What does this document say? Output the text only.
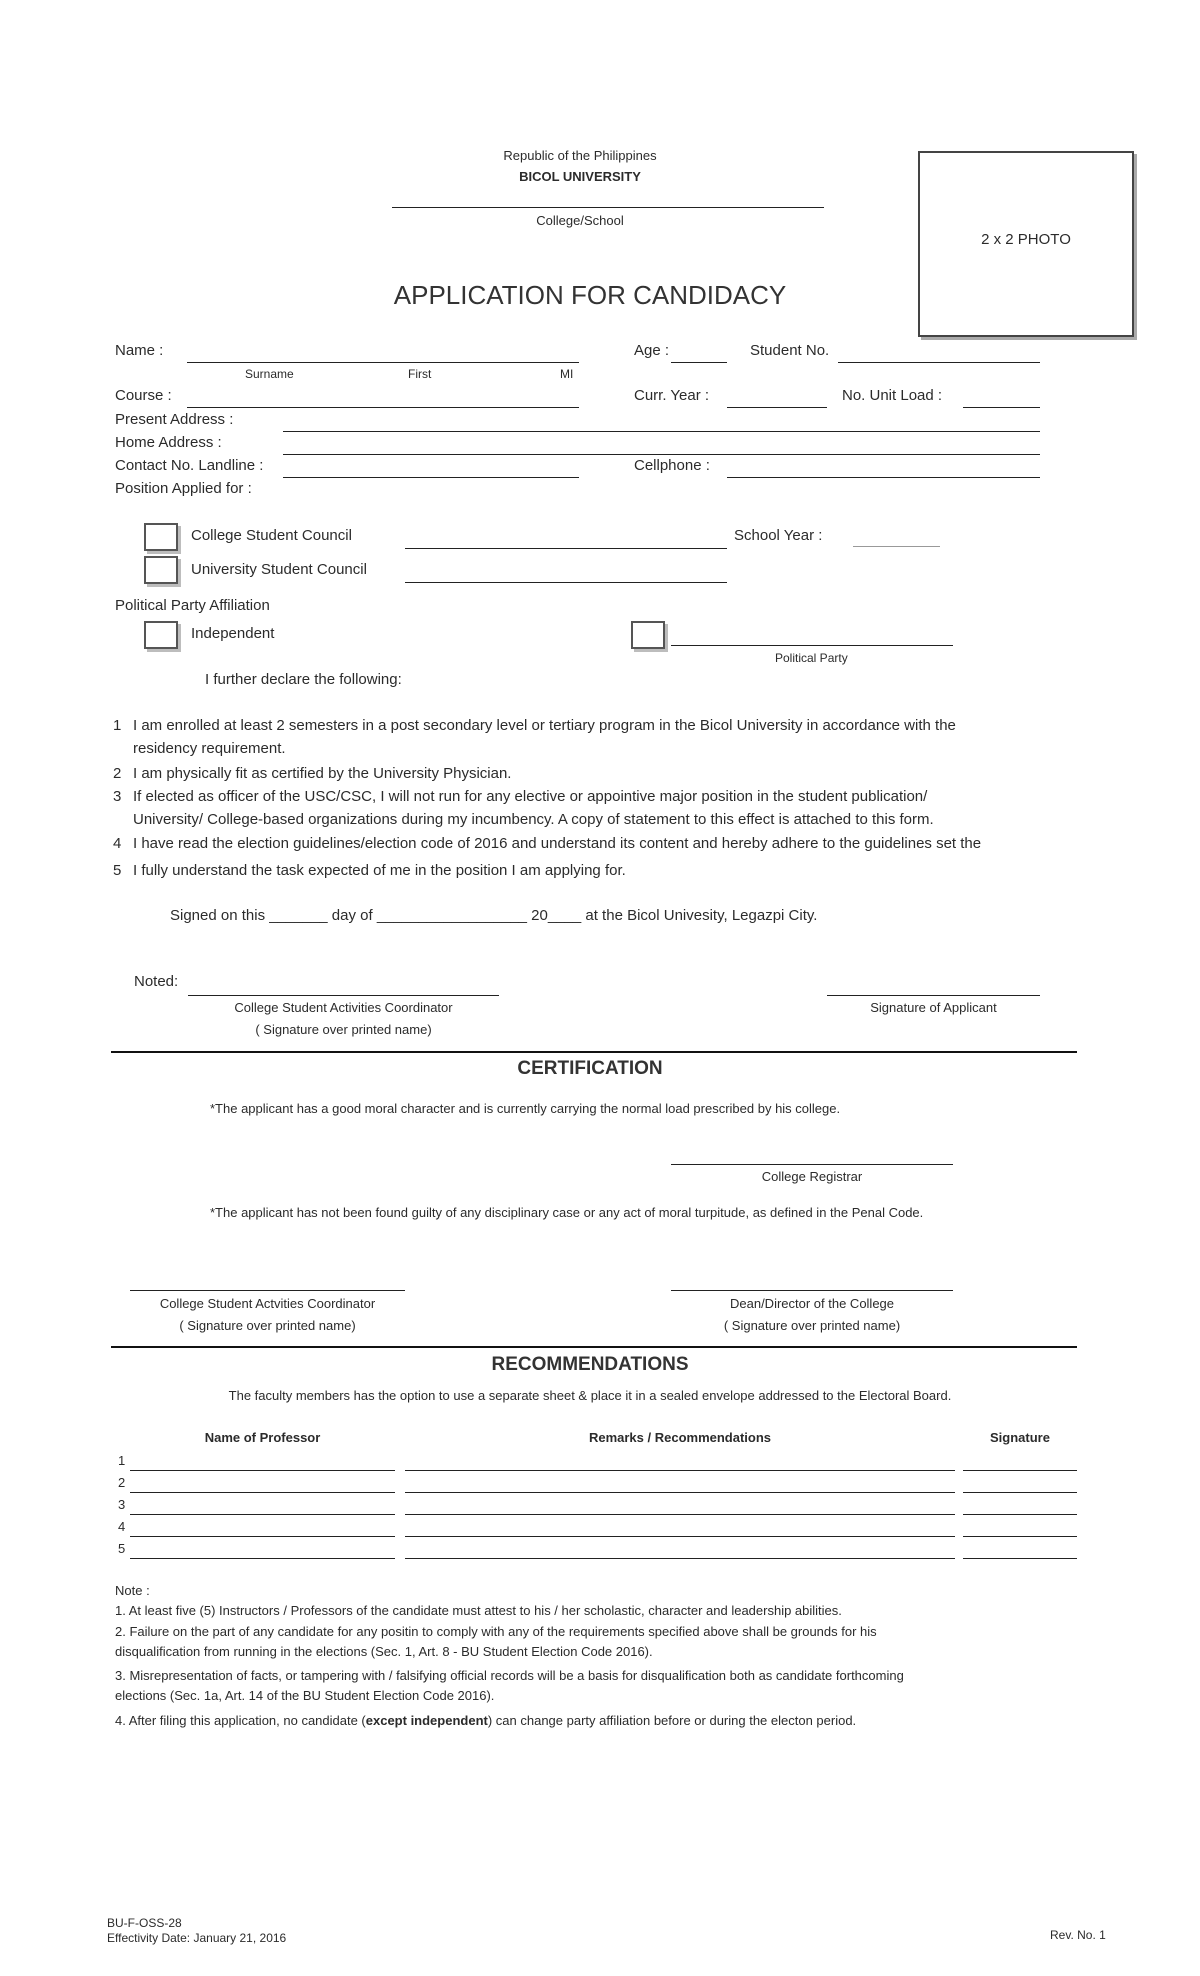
Republic of the Philippines
BICOL UNIVERSITY
College/School
2 x 2 PHOTO
APPLICATION FOR CANDIDACY
Name :
Surname	First	MI
Age :	Student No.
Course :	Curr. Year :	No. Unit Load :
Present Address :
Home Address :
Contact No. Landline :	Cellphone :
Position Applied for :
College Student Council	School Year :
University Student Council
Political Party Affiliation
Independent
Political Party
I further declare the following:
1 I am enrolled at least 2 semesters in a post secondary level or tertiary program in the Bicol University in accordance with the
residency requirement.
2 I am physically fit as certified by the University Physician.
3 If elected as officer of the USC/CSC, I will not run for any elective or appointive major position in the student publication/
University/ College-based organizations during my incumbency. A copy of statement to this effect is attached to this form.
4 I have read the election guidelines/election code of 2016 and understand its content and hereby adhere to the guidelines set the
5 I fully understand the task expected of me in the position I am applying for.
Signed on this _______ day of __________________ 20____ at the Bicol Univesity, Legazpi City.
Noted:
College Student Activities Coordinator
( Signature over printed name)
Signature of Applicant
CERTIFICATION
*The applicant has a good moral character and is currently carrying the normal load prescribed by his college.
College Registrar
*The applicant has not been found guilty of any disciplinary case or any act of moral turpitude, as defined in the Penal Code.
College Student Actvities Coordinator
( Signature over printed name)
Dean/Director of the College
( Signature over printed name)
RECOMMENDATIONS
The faculty members has the option to use a separate sheet & place it in a sealed envelope addressed to the Electoral Board.
Name of Professor	Remarks / Recommendations	Signature
1
2
3
4
5
Note :
1. At least five (5) Instructors / Professors of the candidate must attest to his / her scholastic, character and leadership abilities.
2. Failure on the part of any candidate for any positin to comply with any of the requirements specified above shall be grounds for his
disqualification from running in the elections (Sec. 1, Art. 8 - BU Student Election Code 2016).
3. Misrepresentation of facts, or tampering with / falsifying official records will be a basis for disqualification both as candidate forthcoming
elections (Sec. 1a, Art. 14 of the BU Student Election Code 2016).
4. After filing this application, no candidate (except independent) can change party affiliation before or during the electon period.
BU-F-OSS-28
Effectivity Date: January 21, 2016	Rev. No. 1
